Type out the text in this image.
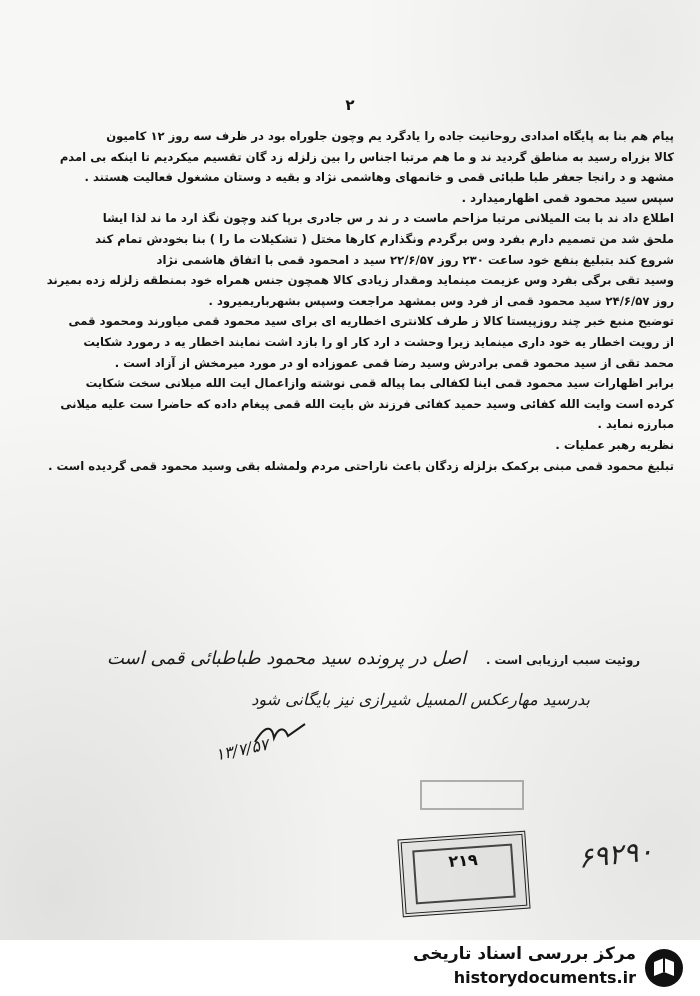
۲

پیام هم بنا به پایگاه امدادی روحانیت جاده را یادگرد یم وچون جلوراه بود در ظرف سه روز ۱۲ کامیون

کالا بزراه رسید به مناطق گردید ند و ما هم مرتبا اجناس را بین زلزله زد گان تقسیم میکردیم تا اینکه بی امدم

مشهد و د رانجا جعفر طبا طبائی قمی و خانمهای وهاشمی نژاد و بقیه د وستان مشغول فعالیت هستند .

سپس سید محمود قمی اظهارمیدارد .

اطلاع داد ند با بت المیلانی مرتبا مزاحم ماست د ر ند ر س جادری برپا کند وچون نگذ ارد ما ند لذا ایشا

ملحق شد من تصمیم دارم بفرد وس برگردم ونگذارم کارها مختل ( تشکیلات ما را ) بنا بخودش تمام کند

شروع کند بتبلیغ بنفع خود ساعت ۲۳۰ روز ۲۲/۶/۵۷ سید د امحمود قمی با اتفاق هاشمی نژاد

وسید تقی برگی بفرد وس عزیمت مینماید ومقدار زیادی کالا همچون جنس همراه خود بمنطقه زلزله زده بمیرند

روز ۲۴/۶/۵۷ سید محمود قمی از فرد وس بمشهد مراجعت وسپس بشهرباریمیرود .

توضیح منبع خبر چند روزپیستا کالا ز طرف کلانتری اخطاریه ای برای سید محمود قمی میاورند ومحمود قمی

از رویت اخطار یه خود داری مینماید زیرا وحشت د ارد کار او را بازد اشت نمایند اخطار یه د رمورد شکایت

محمد تقی از سید محمود قمی برادرش وسید رضا قمی عموزاده او در مورد میرمخش از آزاد است .

برابر اظهارات سید محمود قمی اینا لکفالی بما پیاله قمی نوشته وازاعمال ایت الله میلانی سخت شکایت

کرده است وایت الله کفائی وسید حمید کفائی فرزند ش بایت الله قمی پیغام داده که حاضرا ست علیه میلانی

مبارزه نماید .

نظریه رهبر عملیات .

تبلیغ محمود قمی مبنی برکمک بزلزله زدگان باعث ناراحتی مردم ولمشله بقی وسید محمود قمی گردیده است .

روئیت سبب ارزیابی است . اصل در پرونده سید محمود طباطبائی قمی است
بدرسید مهارعکس المسیل شیرازی نیز بایگانی شود
۱۳/۷/۵۷
۲۱۹	۶۹۲۹۰
مرکز بررسی اسناد تاریخی
historydocuments.ir
